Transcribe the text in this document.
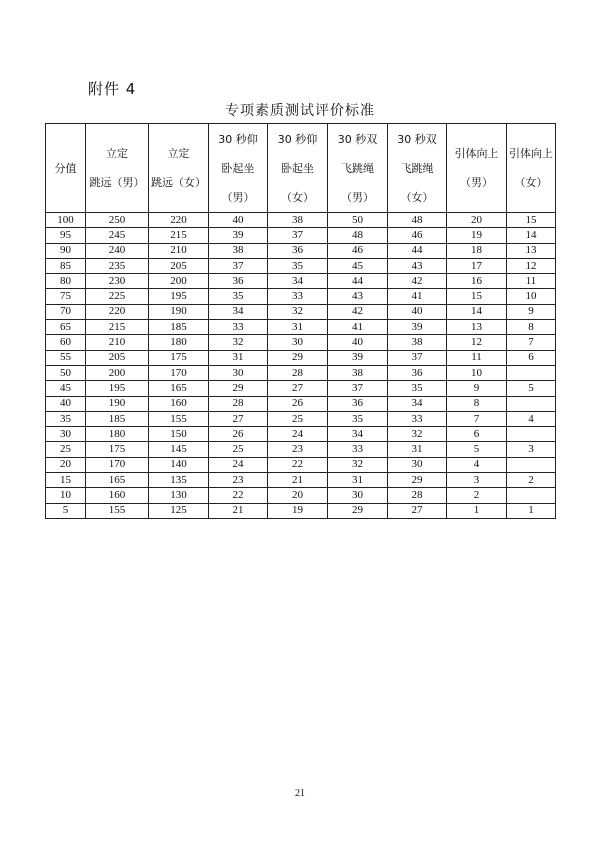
附件 4
专项素质测试评价标准
分值	立定
跳远（男）	立定
跳远（女）	30 秒仰
卧起坐
（男）	30 秒仰
卧起坐
（女）	30 秒双
飞跳绳
（男）	30 秒双
飞跳绳
（女）	引体向上
（男）	引体向上
（女）

100	250	220	40	38	50	48	20	15
95	245	215	39	37	48	46	19	14
90	240	210	38	36	46	44	18	13
85	235	205	37	35	45	43	17	12
80	230	200	36	34	44	42	16	11
75	225	195	35	33	43	41	15	10
70	220	190	34	32	42	40	14	9
65	215	185	33	31	41	39	13	8
60	210	180	32	30	40	38	12	7
55	205	175	31	29	39	37	11	6
50	200	170	30	28	38	36	10	
45	195	165	29	27	37	35	9	5
40	190	160	28	26	36	34	8	
35	185	155	27	25	35	33	7	4
30	180	150	26	24	34	32	6	
25	175	145	25	23	33	31	5	3
20	170	140	24	22	32	30	4	
15	165	135	23	21	31	29	3	2
10	160	130	22	20	30	28	2	
5	155	125	21	19	29	27	1	1
21
